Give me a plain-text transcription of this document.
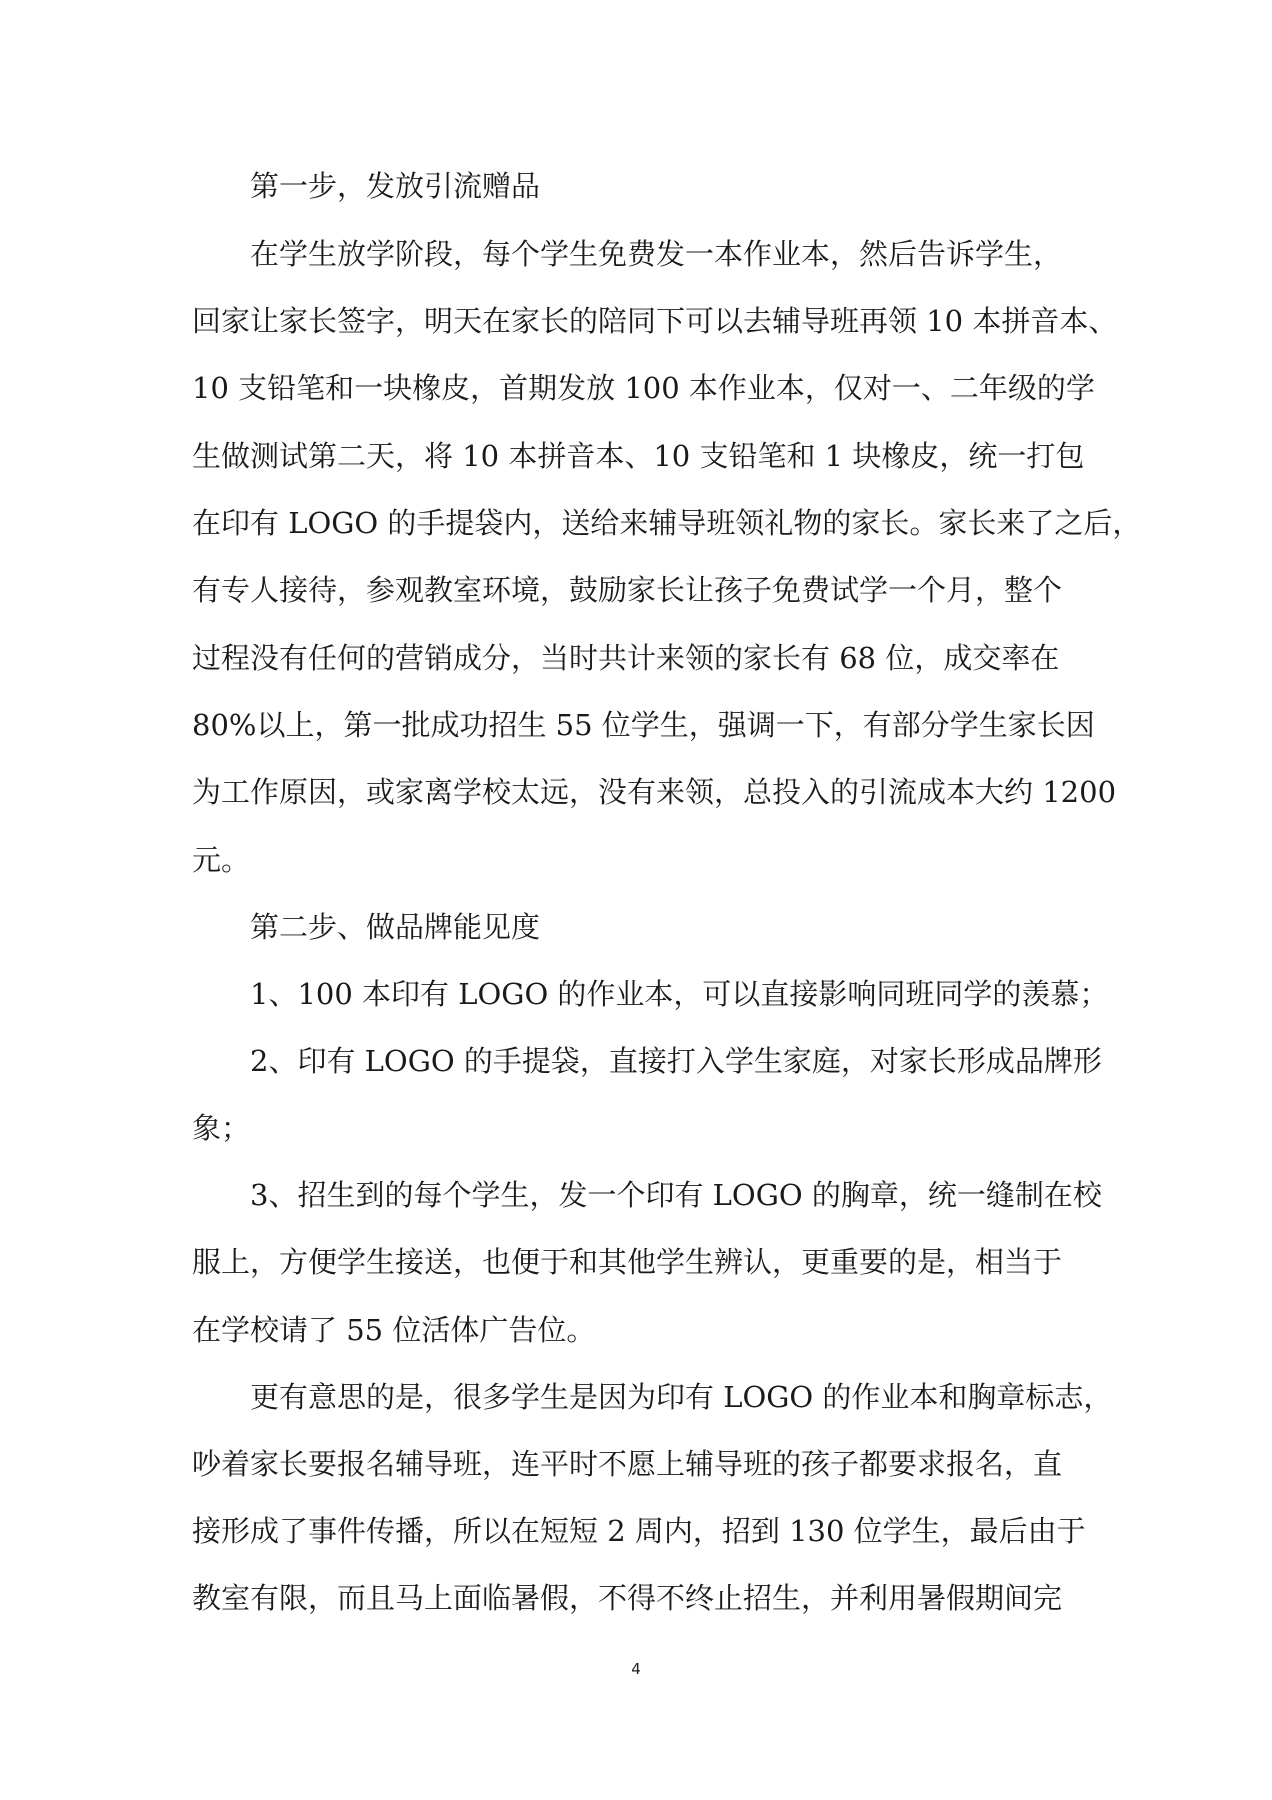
第一步，发放引流赠品
在学生放学阶段，每个学生免费发一本作业本，然后告诉学生，
回家让家长签字，明天在家长的陪同下可以去辅导班再领 10 本拼音本、
10 支铅笔和一块橡皮，首期发放 100 本作业本，仅对一、二年级的学
生做测试第二天，将 10 本拼音本、10 支铅笔和 1 块橡皮，统一打包
在印有 LOGO 的手提袋内，送给来辅导班领礼物的家长。家长来了之后，
有专人接待，参观教室环境，鼓励家长让孩子免费试学一个月，整个
过程没有任何的营销成分，当时共计来领的家长有 68 位，成交率在
80%以上，第一批成功招生 55 位学生，强调一下，有部分学生家长因
为工作原因，或家离学校太远，没有来领，总投入的引流成本大约 1200
元。
第二步、做品牌能见度
1、100 本印有 LOGO 的作业本，可以直接影响同班同学的羡慕；
2、印有 LOGO 的手提袋，直接打入学生家庭，对家长形成品牌形
象；
3、招生到的每个学生，发一个印有 LOGO 的胸章，统一缝制在校
服上，方便学生接送，也便于和其他学生辨认，更重要的是，相当于
在学校请了 55 位活体广告位。
更有意思的是，很多学生是因为印有 LOGO 的作业本和胸章标志，
吵着家长要报名辅导班，连平时不愿上辅导班的孩子都要求报名，直
接形成了事件传播，所以在短短 2 周内，招到 130 位学生，最后由于
教室有限，而且马上面临暑假，不得不终止招生，并利用暑假期间完
4
